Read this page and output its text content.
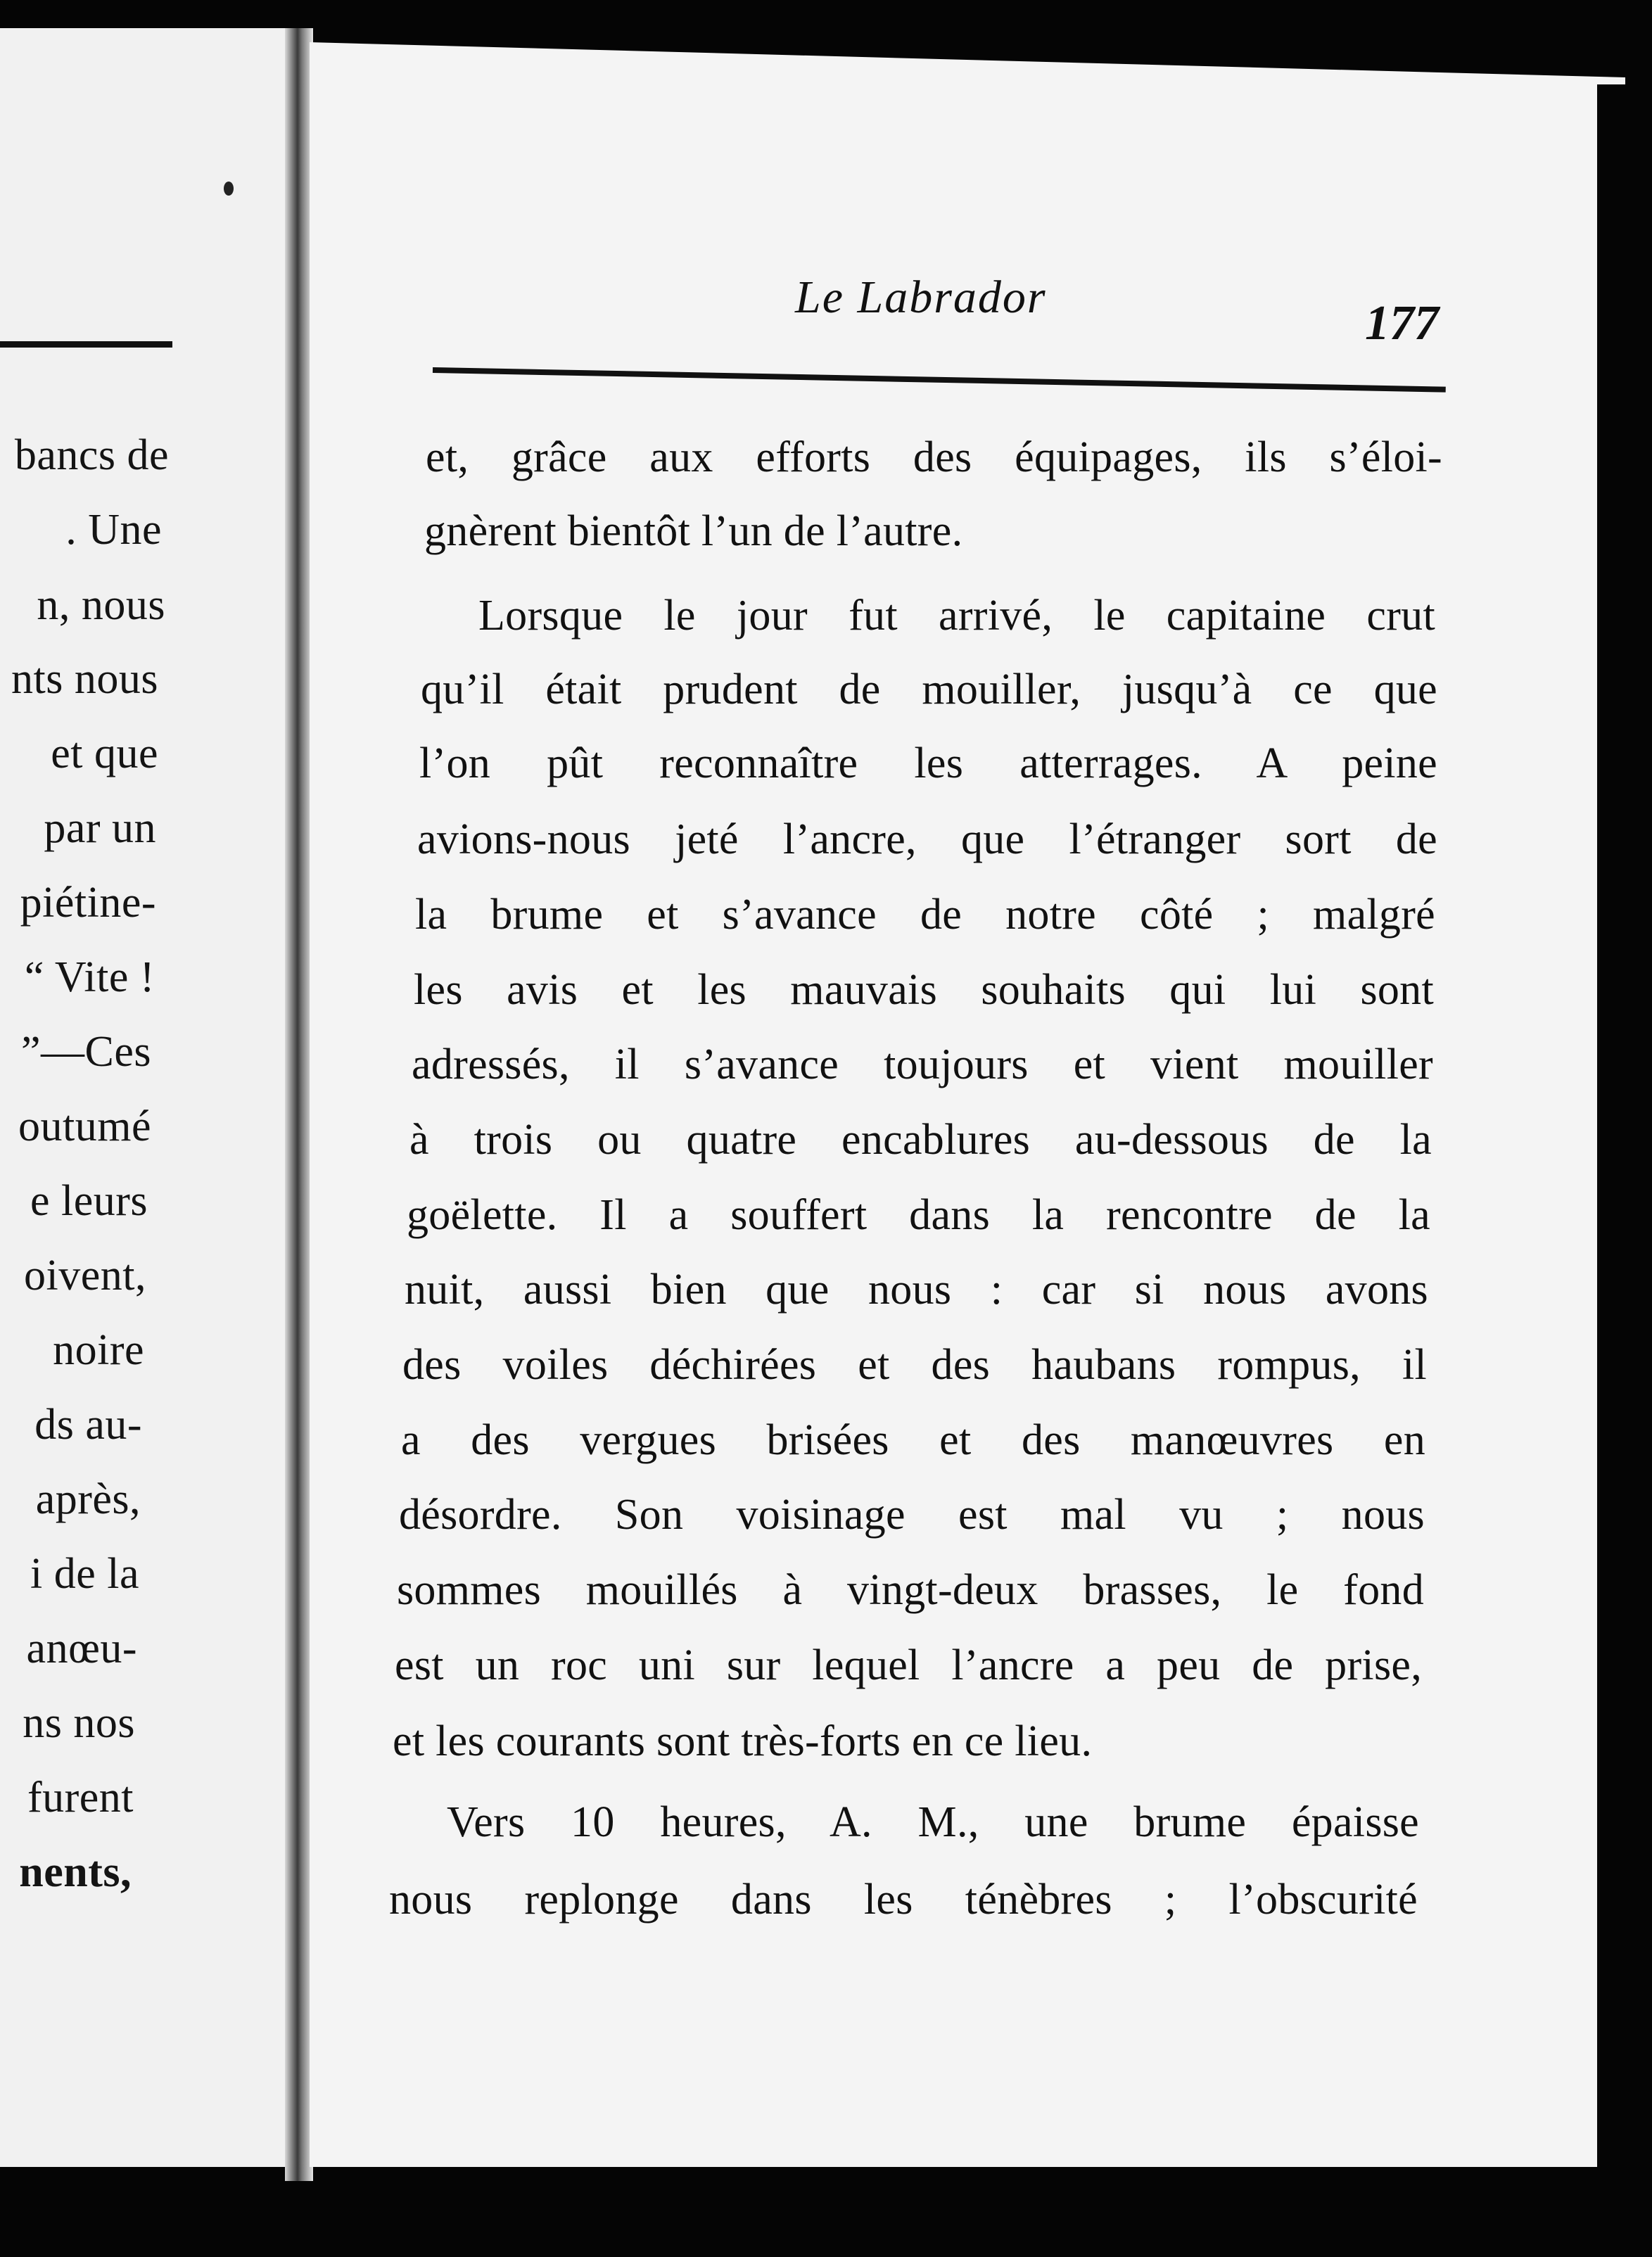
bancs de
. Une
n, nous
nts nous
et que
par un
piétine-
“ Vite !
”—Ces
outumé
e leurs
oivent,
noire
ds au-
après,
i de la
anœu-
ns nos
furent
nents,
Le Labrador	177
et, grâce aux efforts des équipages, ils s’éloi-
gnèrent bientôt l’un de l’autre.
Lorsque le jour fut arrivé, le capitaine crut
qu’il était prudent de mouiller, jusqu’à ce que
l’on pût reconnaître les atterrages. A peine
avions-nous jeté l’ancre, que l’étranger sort de
la brume et s’avance de notre côté ; malgré
les avis et les mauvais souhaits qui lui sont
adressés, il s’avance toujours et vient mouiller
à trois ou quatre encablures au-dessous de la
goëlette. Il a souffert dans la rencontre de la
nuit, aussi bien que nous : car si nous avons
des voiles déchirées et des haubans rompus, il
a des vergues brisées et des manœuvres en
désordre. Son voisinage est mal vu ; nous
sommes mouillés à vingt-deux brasses, le fond
est un roc uni sur lequel l’ancre a peu de prise,
et les courants sont très-forts en ce lieu.
Vers 10 heures, A. M., une brume épaisse
nous replonge dans les ténèbres ; l’obscurité
